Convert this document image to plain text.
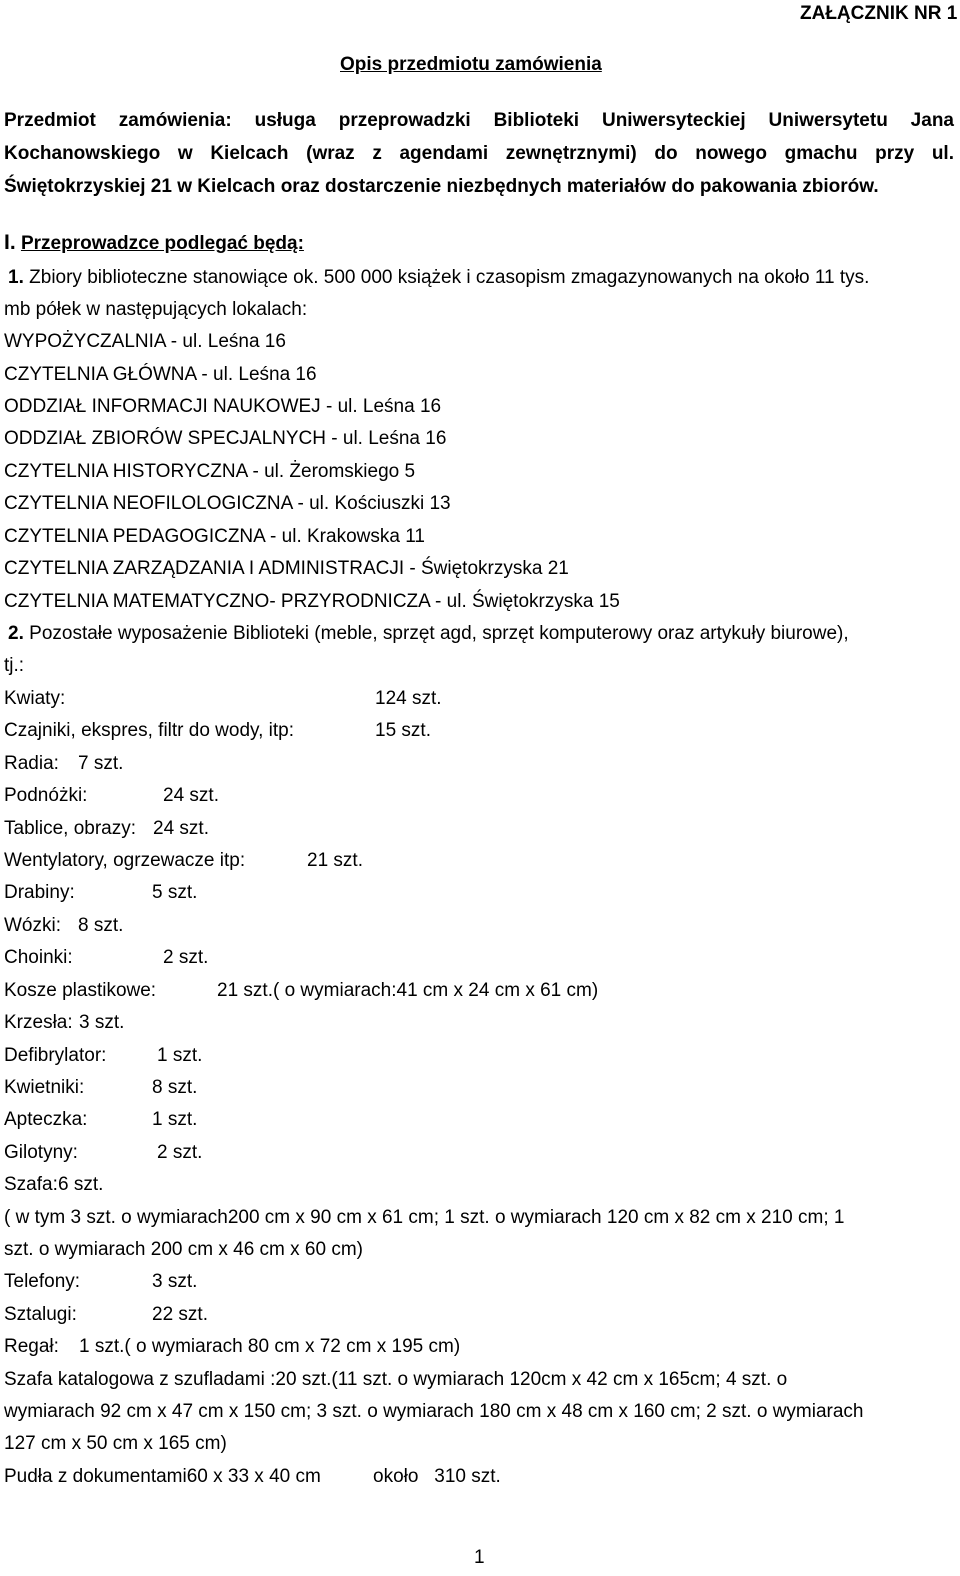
ZAŁĄCZNIK NR 1
Opis przedmiotu zamówienia
Przedmiot zamówienia: usługa przeprowadzki Biblioteki Uniwersyteckiej Uniwersytetu Jana
Kochanowskiego w Kielcach (wraz z agendami zewnętrznymi) do nowego gmachu przy ul.
Świętokrzyskiej 21 w Kielcach oraz dostarczenie niezbędnych materiałów do pakowania zbiorów.
I. Przeprowadzce podlegać będą:
1. Zbiory biblioteczne stanowiące ok. 500 000 książek i czasopism zmagazynowanych na około 11 tys.
mb półek w następujących lokalach:
WYPOŻYCZALNIA - ul. Leśna 16
CZYTELNIA GŁÓWNA - ul. Leśna 16
ODDZIAŁ INFORMACJI NAUKOWEJ - ul. Leśna 16
ODDZIAŁ ZBIORÓW SPECJALNYCH - ul. Leśna 16
CZYTELNIA HISTORYCZNA - ul. Żeromskiego 5
CZYTELNIA NEOFILOLOGICZNA - ul. Kościuszki 13
CZYTELNIA PEDAGOGICZNA - ul. Krakowska 11
CZYTELNIA ZARZĄDZANIA I ADMINISTRACJI - Świętokrzyska 21
CZYTELNIA MATEMATYCZNO- PRZYRODNICZA - ul. Świętokrzyska 15
2. Pozostałe wyposażenie Biblioteki (meble, sprzęt agd, sprzęt komputerowy oraz artykuły biurowe),
tj.:
Kwiaty:	124 szt.
Czajniki, ekspres, filtr do wody, itp:	15 szt.
Radia: 7 szt.
Podnóżki:	24 szt.
Tablice, obrazy: 24 szt.
Wentylatory, ogrzewacze itp:	21 szt.
Drabiny:	5 szt.
Wózki: 8 szt.
Choinki:	2 szt.
Kosze plastikowe:	21 szt.( o wymiarach:41 cm x 24 cm x 61 cm)
Krzesła: 3 szt.
Defibrylator:	1 szt.
Kwietniki:	8 szt.
Apteczka:	1 szt.
Gilotyny:	2 szt.
Szafa: 6 szt.
( w tym 3 szt. o wymiarach200 cm x 90 cm x 61 cm; 1 szt. o wymiarach 120 cm x 82 cm x 210 cm; 1
szt. o wymiarach 200 cm x 46 cm x 60 cm)
Telefony:	3 szt.
Sztalugi:	22 szt.
Regał: 1 szt.( o wymiarach 80 cm x 72 cm x 195 cm)
Szafa katalogowa z szufladami :20 szt.(11 szt. o wymiarach 120cm x 42 cm x 165cm; 4 szt. o
wymiarach 92 cm x 47 cm x 150 cm; 3 szt. o wymiarach 180 cm x 48 cm x 160 cm; 2 szt. o wymiarach
127 cm x 50 cm x 165 cm)
Pudła z dokumentami60 x 33 x 40 cm	około   310 szt.
1
